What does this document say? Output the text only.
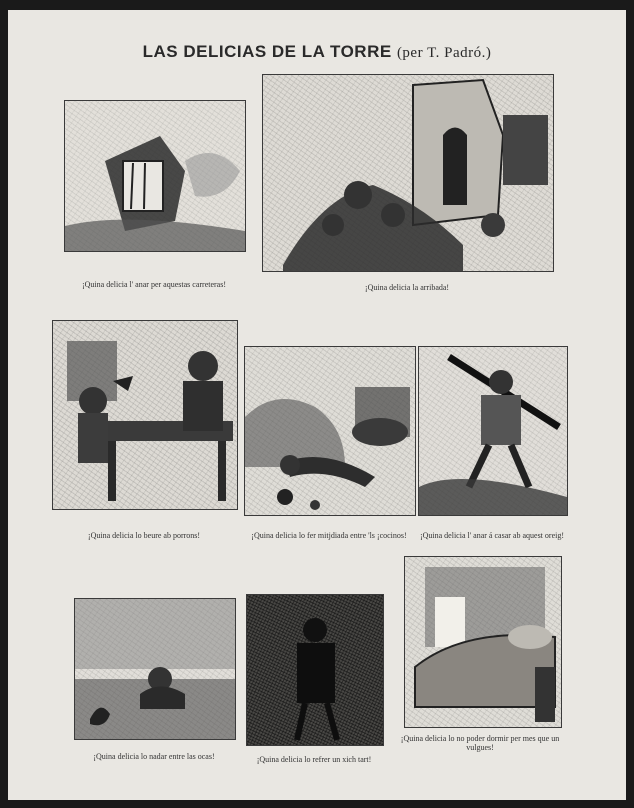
LAS DELICIAS DE LA TORRE (per T. Padró.)
¡Quina delicia l' anar per aquestas carreteras!	¡Quina delicia la arribada!
¡Quina delicia lo beure ab porrons!	¡Quina delicia lo fer mitjdiada entre 'ls ¡cocinos!	¡Quina delicia l' anar á casar ab aquest oreig!
¡Quina delicia lo nadar entre las ocas!	¡Quina delicia lo refrer un xich tart!
¡Quina delicia lo no poder dormir per mes que un vulgues!
